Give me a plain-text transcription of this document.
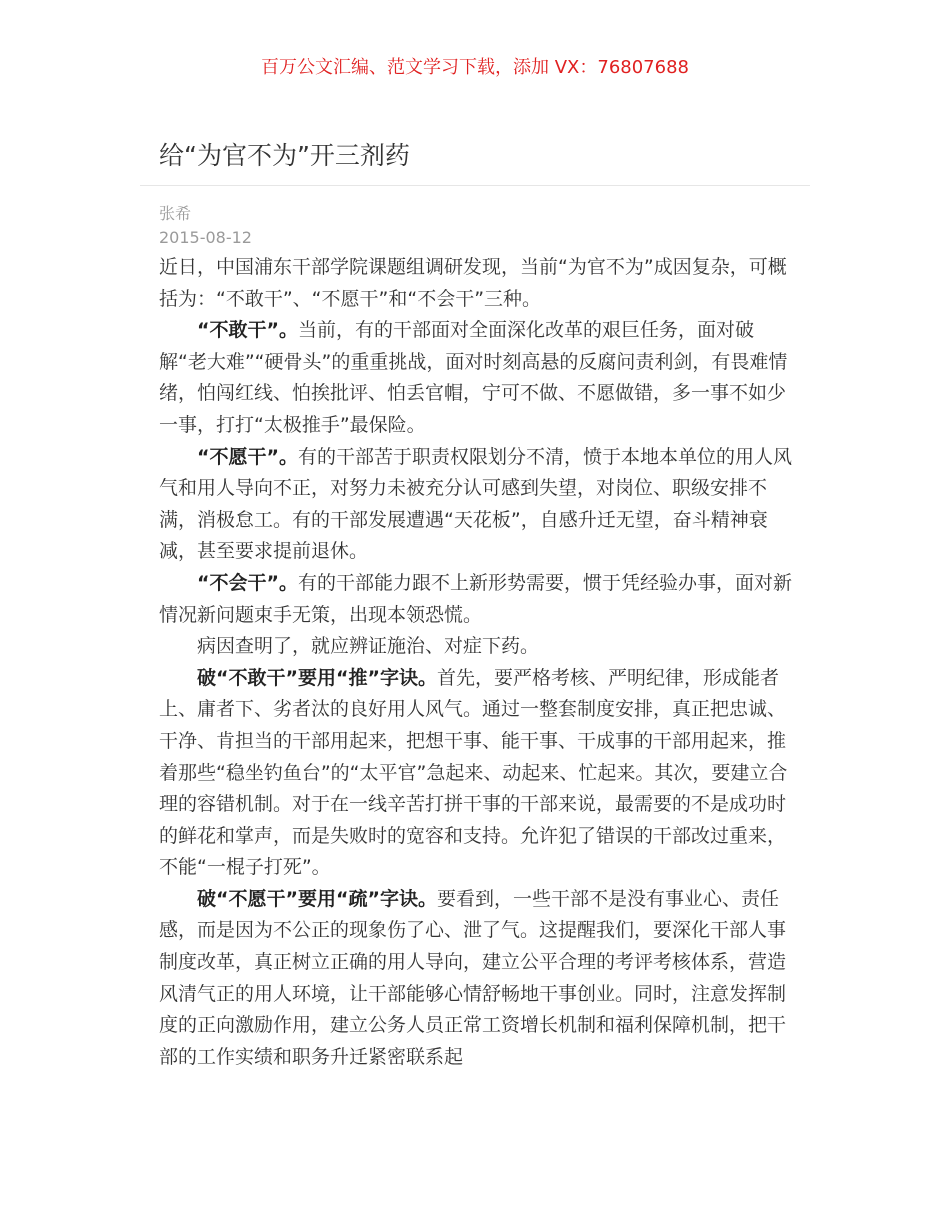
百万公文汇编、范文学习下载，添加 VX：76807688
给“为官不为”开三剂药
张希
2015-08-12

近日，中国浦东干部学院课题组调研发现，当前“为官不为”成因复杂，可概括为：“不敢干”、“不愿干”和“不会干”三种。

“不敢干”。当前，有的干部面对全面深化改革的艰巨任务，面对破解“老大难”“硬骨头”的重重挑战，面对时刻高悬的反腐问责利剑，有畏难情绪，怕闯红线、怕挨批评、怕丢官帽，宁可不做、不愿做错，多一事不如少一事，打打“太极推手”最保险。

“不愿干”。有的干部苦于职责权限划分不清，愤于本地本单位的用人风气和用人导向不正，对努力未被充分认可感到失望，对岗位、职级安排不满，消极怠工。有的干部发展遭遇“天花板”，自感升迁无望，奋斗精神衰减，甚至要求提前退休。

“不会干”。有的干部能力跟不上新形势需要，惯于凭经验办事，面对新情况新问题束手无策，出现本领恐慌。

病因查明了，就应辨证施治、对症下药。

破“不敢干”要用“推”字诀。首先，要严格考核、严明纪律，形成能者上、庸者下、劣者汰的良好用人风气。通过一整套制度安排，真正把忠诚、干净、肯担当的干部用起来，把想干事、能干事、干成事的干部用起来，推着那些“稳坐钓鱼台”的“太平官”急起来、动起来、忙起来。其次，要建立合理的容错机制。对于在一线辛苦打拼干事的干部来说，最需要的不是成功时的鲜花和掌声，而是失败时的宽容和支持。允许犯了错误的干部改过重来，不能“一棍子打死”。

破“不愿干”要用“疏”字诀。要看到，一些干部不是没有事业心、责任感，而是因为不公正的现象伤了心、泄了气。这提醒我们，要深化干部人事制度改革，真正树立正确的用人导向，建立公平合理的考评考核体系，营造风清气正的用人环境，让干部能够心情舒畅地干事创业。同时，注意发挥制度的正向激励作用，建立公务人员正常工资增长机制和福利保障机制，把干部的工作实绩和职务升迁紧密联系起
